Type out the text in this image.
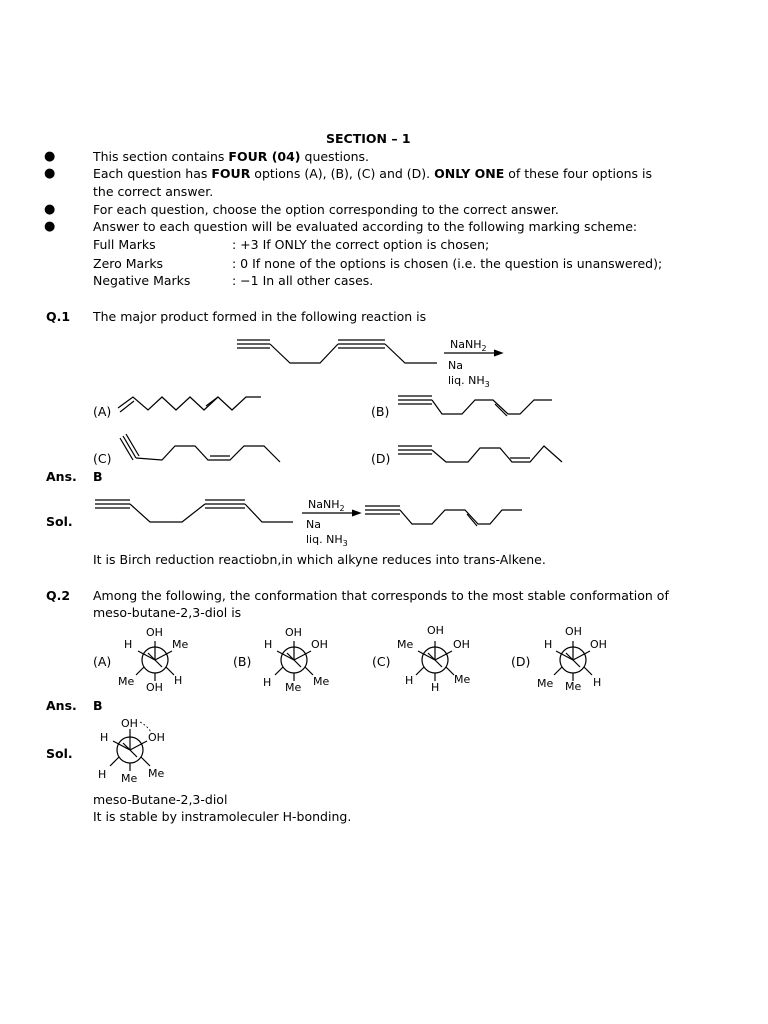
SECTION – 1
●	This section contains FOUR (04) questions.
●	Each question has FOUR options (A), (B), (C) and (D). ONLY ONE of these four options is
the correct answer.
●	For each question, choose the option corresponding to the correct answer.
●	Answer to each question will be evaluated according to the following marking scheme:
Full Marks	: +3 If ONLY the correct option is chosen;
Zero Marks	: 0 If none of the options is chosen (i.e. the question is unanswered);
Negative Marks	: −1 In all other cases.
Q.1 The major product formed in the following reaction is
NaNH$_2$
Na
liq. $NH_3$
(A)	(B)
(C)	(D)
Ans. B
Sol.
NaNH$_2$
Na
liq. $NH_3$
It is Birch reduction reactiobn,in which alkyne reduces into trans-Alkene.
Q.2 Among the following, the conformation that corresponds to the most stable conformation of
meso-butane-2,3-diol is
(A)	(B)	(C)	(D)
OH
H	Me
Me OH
H
OH
H	OH
H Me Me
OH
Me	OH
H
H
Me
OH
H	OH
Me Me H
Ans. B
Sol.
OH
H	OH
H Me Me
meso-Butane-2,3-diol
It is stable by instramoleculer H-bonding.
